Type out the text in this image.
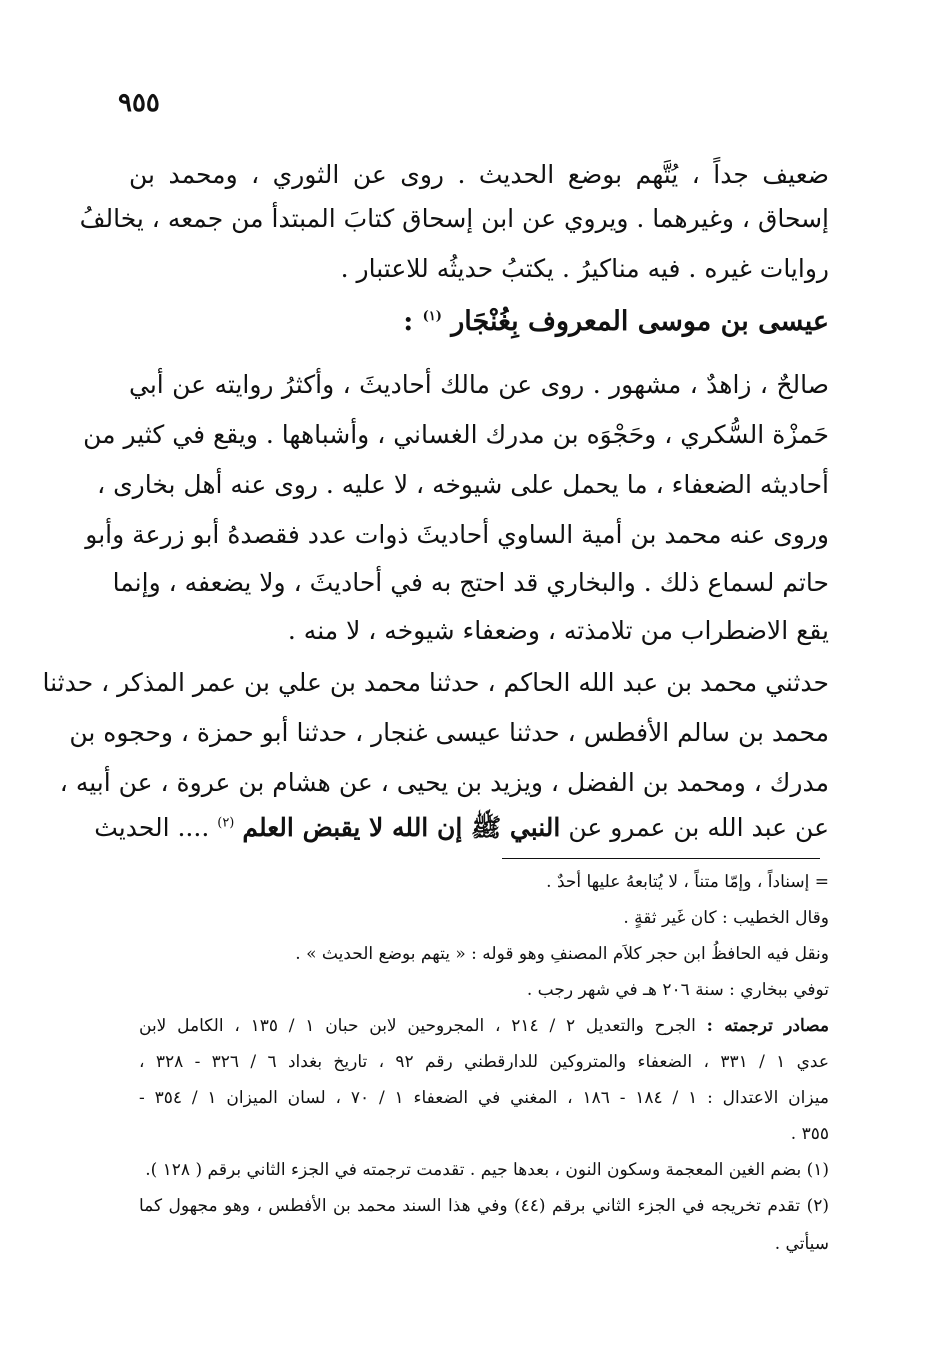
٩٥٥
ضعيف جداً ، يُتَّهم بوضع الحديث . روى عن الثوري ، ومحمد بن
إسحاق ، وغيرهما . ويروي عن ابن إسحاق كتابَ المبتدأ من جمعه ، يخالفُ
روايات غيره . فيه مناكيرُ . يكتبُ حديثُه للاعتبار .
عيسى بن موسى المعروف بِغُنْجَار $^{(١)}$ :
صالحٌ ، زاهدٌ ، مشهور . روى عن مالك أحاديثَ ، وأكثرُ روايته عن أبي
حَمزْة السُّكري ، وحَجْوَه بن مدرك الغساني ، وأشباهها . ويقع في كثير من
أحاديثه الضعفاء ، ما يحمل على شيوخه ، لا عليه . روى عنه أهل بخارى ،
وروى عنه محمد بن أمية الساوي أحاديثَ ذوات عدد فقصدهُ أبو زرعة وأبو
حاتم لسماع ذلك . والبخاري قد احتج به في أحاديثَ ، ولا يضعفه ، وإنما
يقع الاضطراب من تلامذته ، وضعفاء شيوخه ، لا منه .
حدثني محمد بن عبد الله الحاكم ، حدثنا محمد بن علي بن عمر المذكر ، حدثنا
محمد بن سالم الأفطس ، حدثنا عيسى غنجار ، حدثنا أبو حمزة ، وحجوه بن
مدرك ، ومحمد بن الفضل ، ويزيد بن يحيى ، عن هشام بن عروة ، عن أبيه ،
عن عبد الله بن عمرو عن النبي ﷺ إن الله لا يقبض العلم $^{(٢)}$ .... الحديث
= إسناداً ، وإمّا متناً ، لا يُتابعهُ عليها أحدٌ .
وقال الخطيب : كان غَير ثقةٍ .
ونقل فيه الحافظُ ابن حجر كلاَم المصنفِ وهو قوله : « يتهم بوضع الحديث » .
توفي ببخاري : سنة ٢٠٦ هـ في شهر رجب .
مصادر ترجمته : الجرح والتعديل ٢ / ٢١٤ ، المجروحين لابن حبان ١ / ١٣٥ ، الكامل لابن
عدي ١ / ٣٣١ ، الضعفاء والمتروكين للدارقطني رقم ٩٢ ، تاريخ بغداد ٦ / ٣٢٦ - ٣٢٨ ،
ميزان الاعتدال : ١ / ١٨٤ - ١٨٦ ، المغني في الضعفاء ١ / ٧٠ ، لسان الميزان ١ / ٣٥٤ -
٣٥٥ .
(١) بضم الغين المعجمة وسكون النون ، بعدها جيم . تقدمت ترجمته في الجزء الثاني برقم ( ١٢٨ ).
(٢) تقدم تخريجه في الجزء الثاني برقم (٤٤) وفي هذا السند محمد بن الأفطس ، وهو مجهول كما
سيأتي .
